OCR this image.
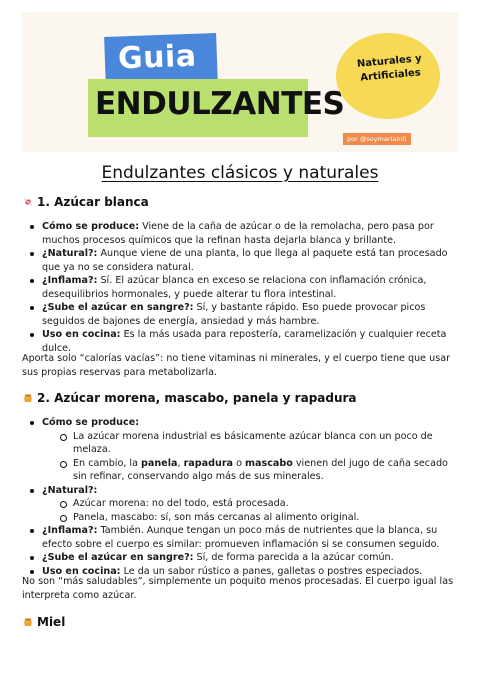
Guia
ENDULZANTES
Naturales y
Artificiales
por @soymariainti
Endulzantes clásicos y naturales
1. Azúcar blanca
Cómo se produce: Viene de la caña de azúcar o de la remolacha, pero pasa por muchos procesos químicos que la refinan hasta dejarla blanca y brillante.
¿Natural?: Aunque viene de una planta, lo que llega al paquete está tan procesado que ya no se considera natural.
¿Inflama?: Sí. El azúcar blanca en exceso se relaciona con inflamación crónica, desequilibrios hormonales, y puede alterar tu flora intestinal.
¿Sube el azúcar en sangre?: Sí, y bastante rápido. Eso puede provocar picos seguidos de bajones de energía, ansiedad y más hambre.
Uso en cocina: Es la más usada para repostería, caramelización y cualquier receta dulce.
Aporta solo “calorías vacías”: no tiene vitaminas ni minerales, y el cuerpo tiene que usar sus propias reservas para metabolizarla.
2. Azúcar morena, mascabo, panela y rapadura
Cómo se produce:
La azúcar morena industrial es básicamente azúcar blanca con un poco de melaza.
En cambio, la panela, rapadura o mascabo vienen del jugo de caña secado sin refinar, conservando algo más de sus minerales.
¿Natural?:
Azúcar morena: no del todo, está procesada.
Panela, mascabo: sí, son más cercanas al alimento original.
¿Inflama?: También. Aunque tengan un poco más de nutrientes que la blanca, su efecto sobre el cuerpo es similar: promueven inflamación si se consumen seguido.
¿Sube el azúcar en sangre?: Sí, de forma parecida a la azúcar común.
Uso en cocina: Le da un sabor rústico a panes, galletas o postres especiados.
No son “más saludables”, simplemente un poquito menos procesadas. El cuerpo igual las interpreta como azúcar.
Miel
